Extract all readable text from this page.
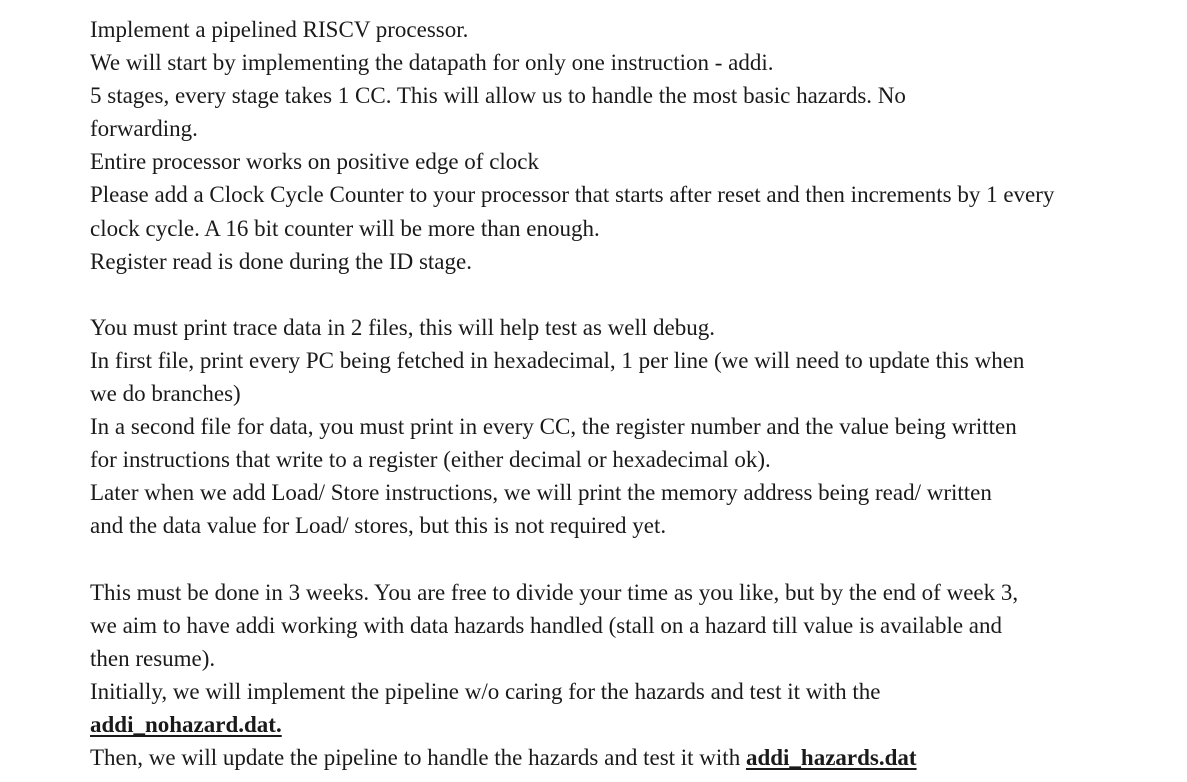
Implement a pipelined RISCV processor.

We will start by implementing the datapath for only one instruction - addi.

5 stages, every stage takes 1 CC. This will allow us to handle the most basic hazards. No forwarding.

Entire processor works on positive edge of clock

Please add a Clock Cycle Counter to your processor that starts after reset and then increments by 1 every clock cycle. A 16 bit counter will be more than enough.

Register read is done during the ID stage.

You must print trace data in 2 files, this will help test as well debug.

In first file, print every PC being fetched in hexadecimal, 1 per line (we will need to update this when we do branches)

In a second file for data, you must print in every CC, the register number and the value being written for instructions that write to a register (either decimal or hexadecimal ok).

Later when we add Load/ Store instructions, we will print the memory address being read/ written and the data value for Load/ stores, but this is not required yet.

This must be done in 3 weeks. You are free to divide your time as you like, but by the end of week 3, we aim to have addi working with data hazards handled (stall on a hazard till value is available and then resume).

Initially, we will implement the pipeline w/o caring for the hazards and test it with the addi_nohazard.dat.

Then, we will update the pipeline to handle the hazards and test it with addi_hazards.dat
